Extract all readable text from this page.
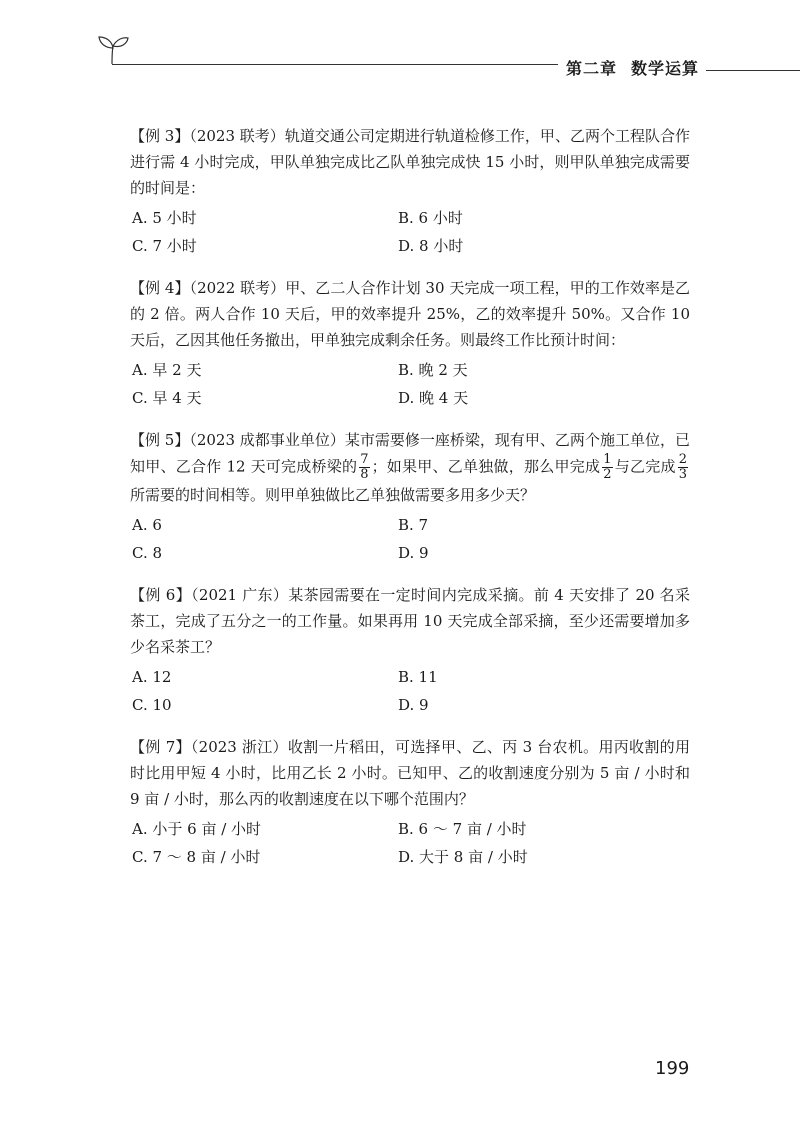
第二章 数学运算

【例 3】（2023 联考）轨道交通公司定期进行轨道检修工作，甲、乙两个工程队合作进行需 4 小时完成，甲队单独完成比乙队单独完成快 15 小时，则甲队单独完成需要的时间是：

A. 5 小时	B. 6 小时
C. 7 小时	D. 8 小时

【例 4】（2022 联考）甲、乙二人合作计划 30 天完成一项工程，甲的工作效率是乙的 2 倍。两人合作 10 天后，甲的效率提升 25%，乙的效率提升 50%。又合作 10 天后，乙因其他任务撤出，甲单独完成剩余任务。则最终工作比预计时间：

A. 早 2 天	B. 晚 2 天
C. 早 4 天	D. 晚 4 天

【例 5】（2023 成都事业单位）某市需要修一座桥梁，现有甲、乙两个施工单位，已知甲、乙合作 12 天可完成桥梁的 $\frac{7}{8}$ ；如果甲、乙单独做，那么甲完成 $\frac{1}{2}$ 与乙完成 $\frac{2}{3}$
所需要的时间相等。则甲单独做比乙单独做需要多用多少天？

A. 6	B. 7
C. 8	D. 9

【例 6】（2021 广东）某茶园需要在一定时间内完成采摘。前 4 天安排了 20 名采茶工，完成了五分之一的工作量。如果再用 10 天完成全部采摘，至少还需要增加多少名采茶工？

A. 12	B. 11
C. 10	D. 9

【例 7】（2023 浙江）收割一片稻田，可选择甲、乙、丙 3 台农机。用丙收割的用时比用甲短 4 小时，比用乙长 2 小时。已知甲、乙的收割速度分别为 5 亩 / 小时和 9 亩 / 小时，那么丙的收割速度在以下哪个范围内？

A. 小于 6 亩 / 小时	B. 6 ～ 7 亩 / 小时
C. 7 ～ 8 亩 / 小时	D. 大于 8 亩 / 小时
199
